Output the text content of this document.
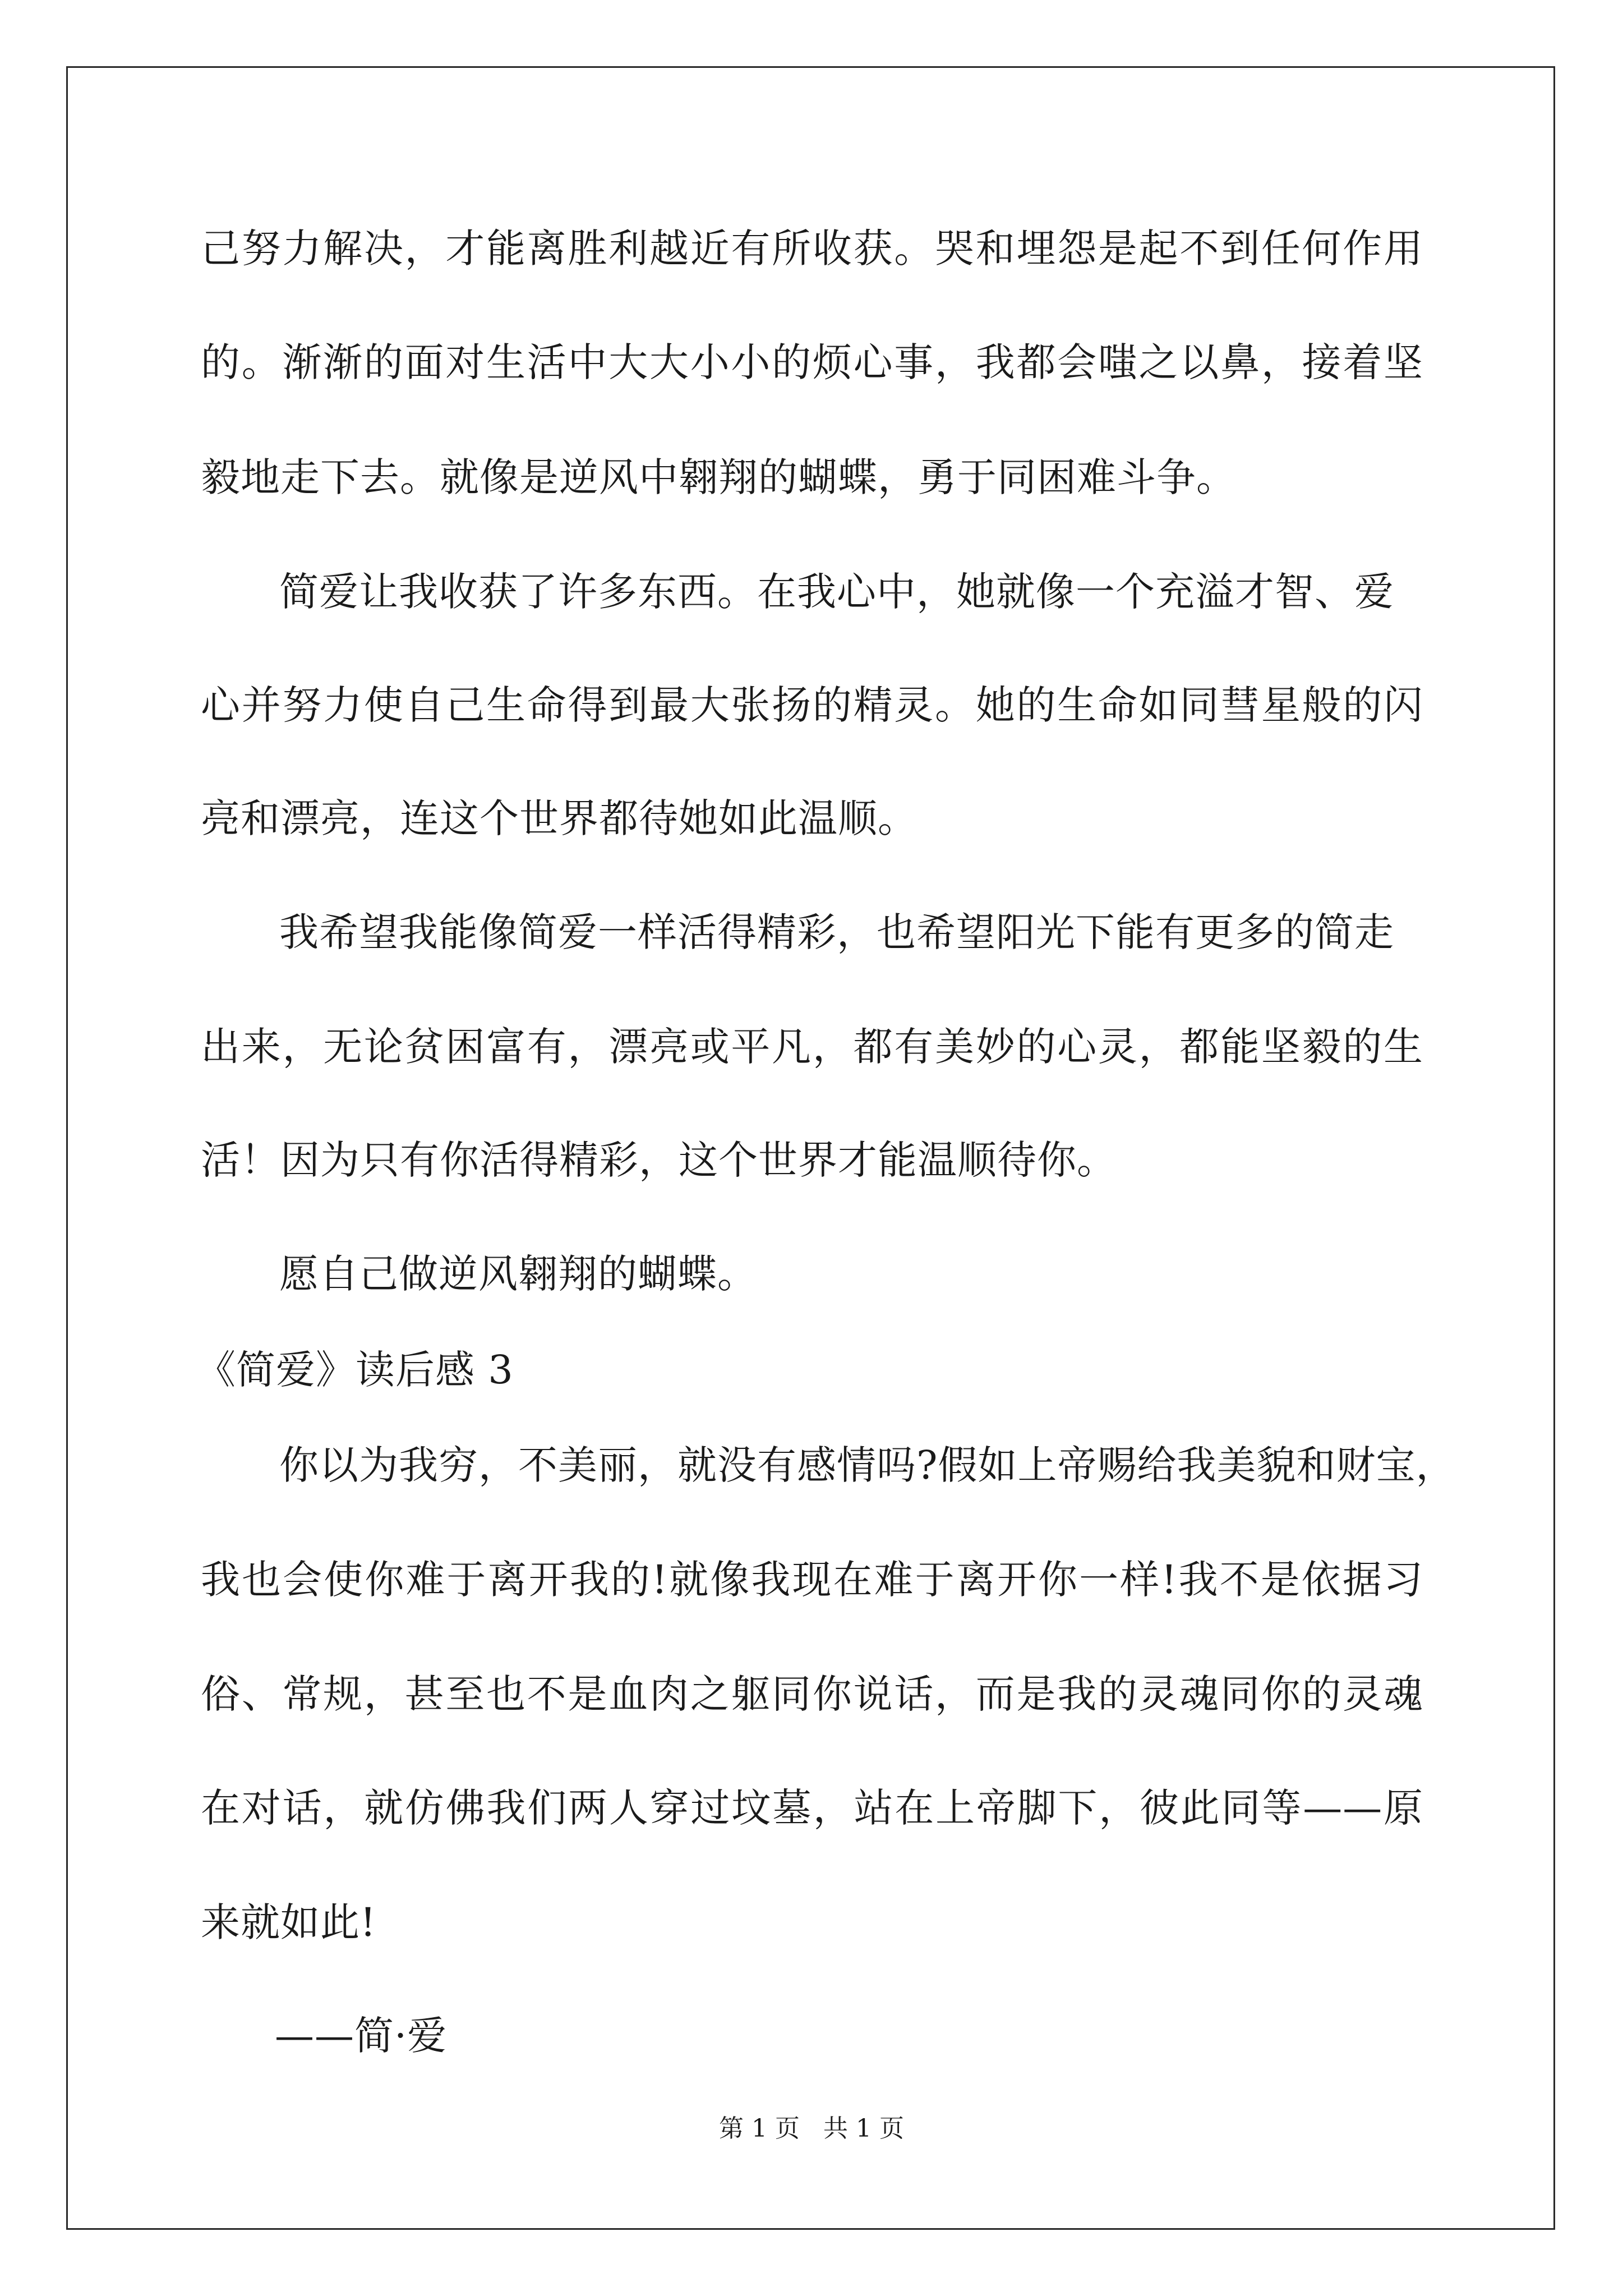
己努力解决，才能离胜利越近有所收获。哭和埋怨是起不到任何作用
的。渐渐的面对生活中大大小小的烦心事，我都会嗤之以鼻，接着坚
毅地走下去。就像是逆风中翱翔的蝴蝶，勇于同困难斗争。
简爱让我收获了许多东西。在我心中，她就像一个充溢才智、爱
心并努力使自己生命得到最大张扬的精灵。她的生命如同彗星般的闪
亮和漂亮，连这个世界都待她如此温顺。
我希望我能像简爱一样活得精彩，也希望阳光下能有更多的简走
出来，无论贫困富有，漂亮或平凡，都有美妙的心灵，都能坚毅的生
活！因为只有你活得精彩，这个世界才能温顺待你。
愿自己做逆风翱翔的蝴蝶。
《简爱》读后感 3
你以为我穷，不美丽，就没有感情吗?假如上帝赐给我美貌和财宝，
我也会使你难于离开我的!就像我现在难于离开你一样!我不是依据习
俗、常规，甚至也不是血肉之躯同你说话，而是我的灵魂同你的灵魂
在对话，就仿佛我们两人穿过坟墓，站在上帝脚下，彼此同等——原
来就如此!
——简·爱
第 1 页   共 1 页
